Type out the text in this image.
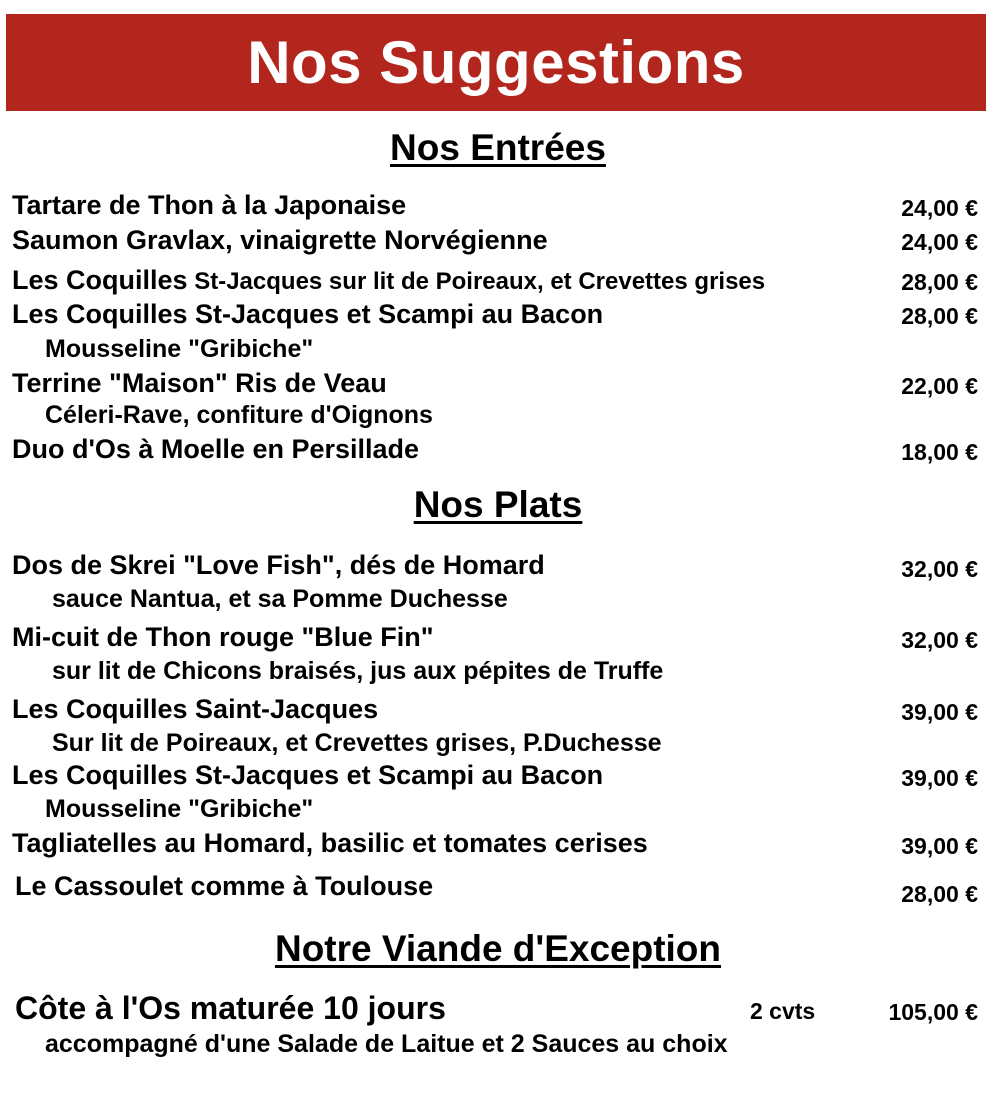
Nos Suggestions
Nos Entrées
Tartare de Thon à la Japonaise	24,00 €
Saumon Gravlax, vinaigrette Norvégienne	24,00 €
Les Coquilles St-Jacques sur lit de Poireaux, et Crevettes grises	28,00 €
Les Coquilles St-Jacques et Scampi au Bacon	28,00 €
Mousseline "Gribiche"
Terrine "Maison" Ris de Veau	22,00 €
Céleri-Rave, confiture d'Oignons
Duo d'Os à Moelle en Persillade	18,00 €
Nos Plats
Dos de Skrei "Love Fish", dés de Homard	32,00 €
sauce Nantua, et sa Pomme Duchesse
Mi-cuit de Thon rouge "Blue Fin"	32,00 €
sur lit de Chicons braisés, jus aux pépites de Truffe
Les Coquilles Saint-Jacques	39,00 €
Sur lit de Poireaux, et Crevettes grises, P.Duchesse
Les Coquilles St-Jacques et Scampi au Bacon	39,00 €
Mousseline "Gribiche"
Tagliatelles au Homard, basilic et tomates cerises	39,00 €
Le Cassoulet comme à Toulouse	28,00 €
Notre Viande d'Exception
Côte à l'Os maturée 10 jours	2 cvts	105,00 €
accompagné d'une Salade de Laitue et 2 Sauces au choix
